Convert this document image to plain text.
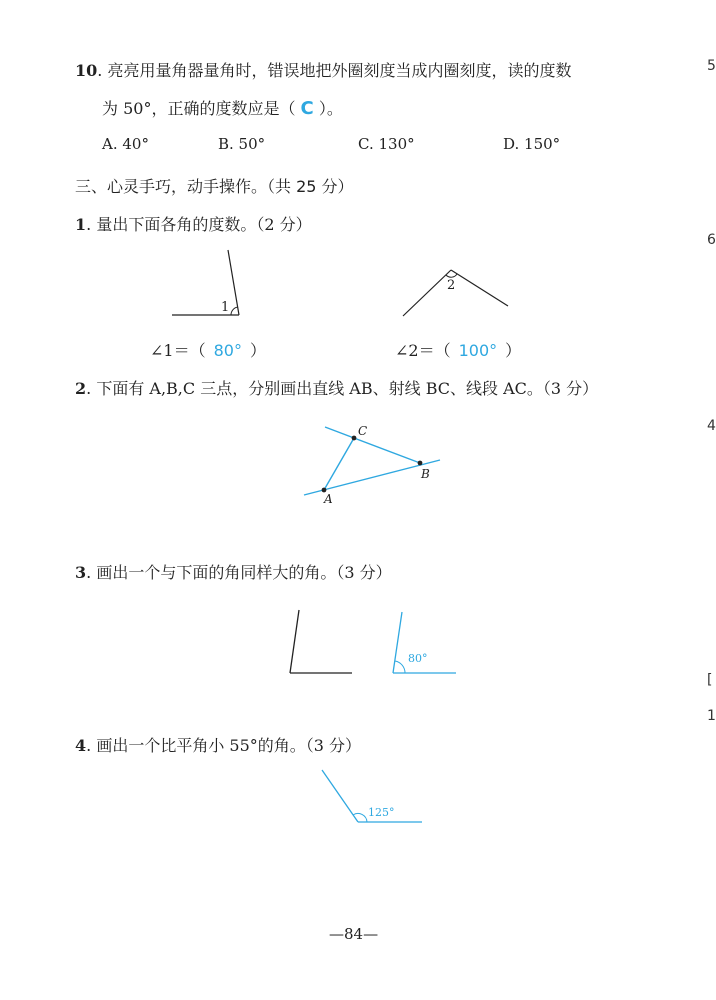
10. 亮亮用量角器量角时，错误地把外圈刻度当成内圈刻度，读的度数
为 50°，正确的度数应是（ C ）。
A. 40°	B. 50°	C. 130°	D. 150°
三、心灵手巧，动手操作。（共 25 分）
1. 量出下面各角的度数。（2 分）
1
2
C
B
A
80°
125°
∠1＝（ 80° ）	∠2＝（ 100° ）
2. 下面有 A,B,C 三点，分别画出直线 AB、射线 BC、线段 AC。（3 分）
3. 画出一个与下面的角同样大的角。（3 分）
4. 画出一个比平角小 55°的角。（3 分）
—84—
5
6
4
[
1
